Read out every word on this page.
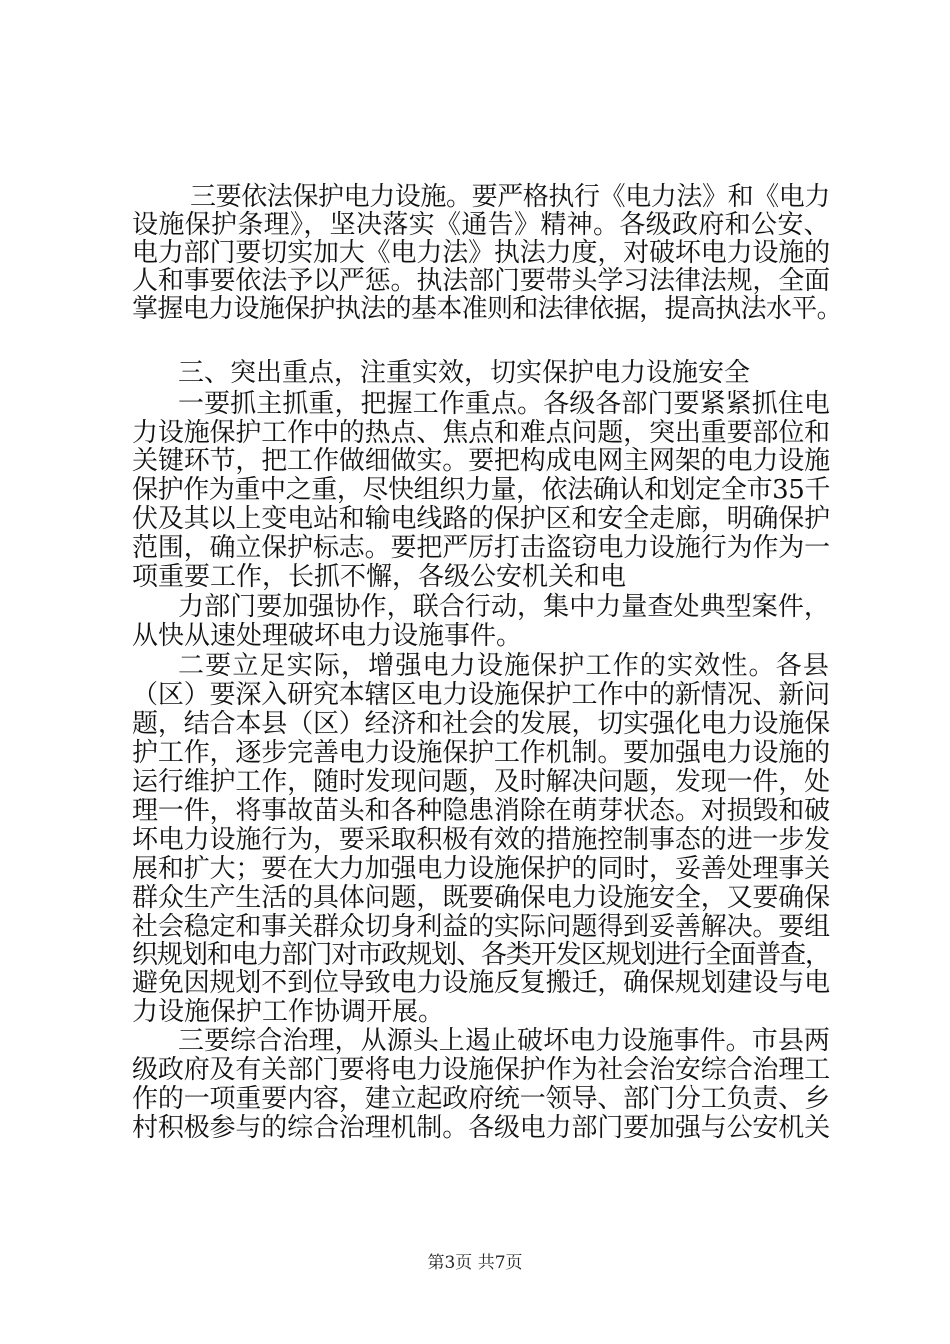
三要依法保护电力设施。要严格执行《电力法》和《电力
设施保护条理》，坚决落实《通告》精神。各级政府和公安、
电力部门要切实加大《电力法》执法力度，对破坏电力设施的
人和事要依法予以严惩。执法部门要带头学习法律法规，全面
掌握电力设施保护执法的基本准则和法律依据，提高执法水平。
三、突出重点，注重实效，切实保护电力设施安全
一要抓主抓重，把握工作重点。各级各部门要紧紧抓住电
力设施保护工作中的热点、焦点和难点问题，突出重要部位和
关键环节，把工作做细做实。要把构成电网主网架的电力设施
保护作为重中之重，尽快组织力量，依法确认和划定全市35千
伏及其以上变电站和输电线路的保护区和安全走廊，明确保护
范围，确立保护标志。要把严厉打击盗窃电力设施行为作为一
项重要工作，长抓不懈，各级公安机关和电
力部门要加强协作，联合行动，集中力量查处典型案件，
从快从速处理破坏电力设施事件。
二要立足实际，增强电力设施保护工作的实效性。各县
（区）要深入研究本辖区电力设施保护工作中的新情况、新问
题，结合本县（区）经济和社会的发展，切实强化电力设施保
护工作，逐步完善电力设施保护工作机制。要加强电力设施的
运行维护工作，随时发现问题，及时解决问题，发现一件，处
理一件，将事故苗头和各种隐患消除在萌芽状态。对损毁和破
坏电力设施行为，要采取积极有效的措施控制事态的进一步发
展和扩大；要在大力加强电力设施保护的同时，妥善处理事关
群众生产生活的具体问题，既要确保电力设施安全，又要确保
社会稳定和事关群众切身利益的实际问题得到妥善解决。要组
织规划和电力部门对市政规划、各类开发区规划进行全面普查，
避免因规划不到位导致电力设施反复搬迁，确保规划建设与电
力设施保护工作协调开展。
三要综合治理，从源头上遏止破坏电力设施事件。市县两
级政府及有关部门要将电力设施保护作为社会治安综合治理工
作的一项重要内容，建立起政府统一领导、部门分工负责、乡
村积极参与的综合治理机制。各级电力部门要加强与公安机关
第3页 共7页
